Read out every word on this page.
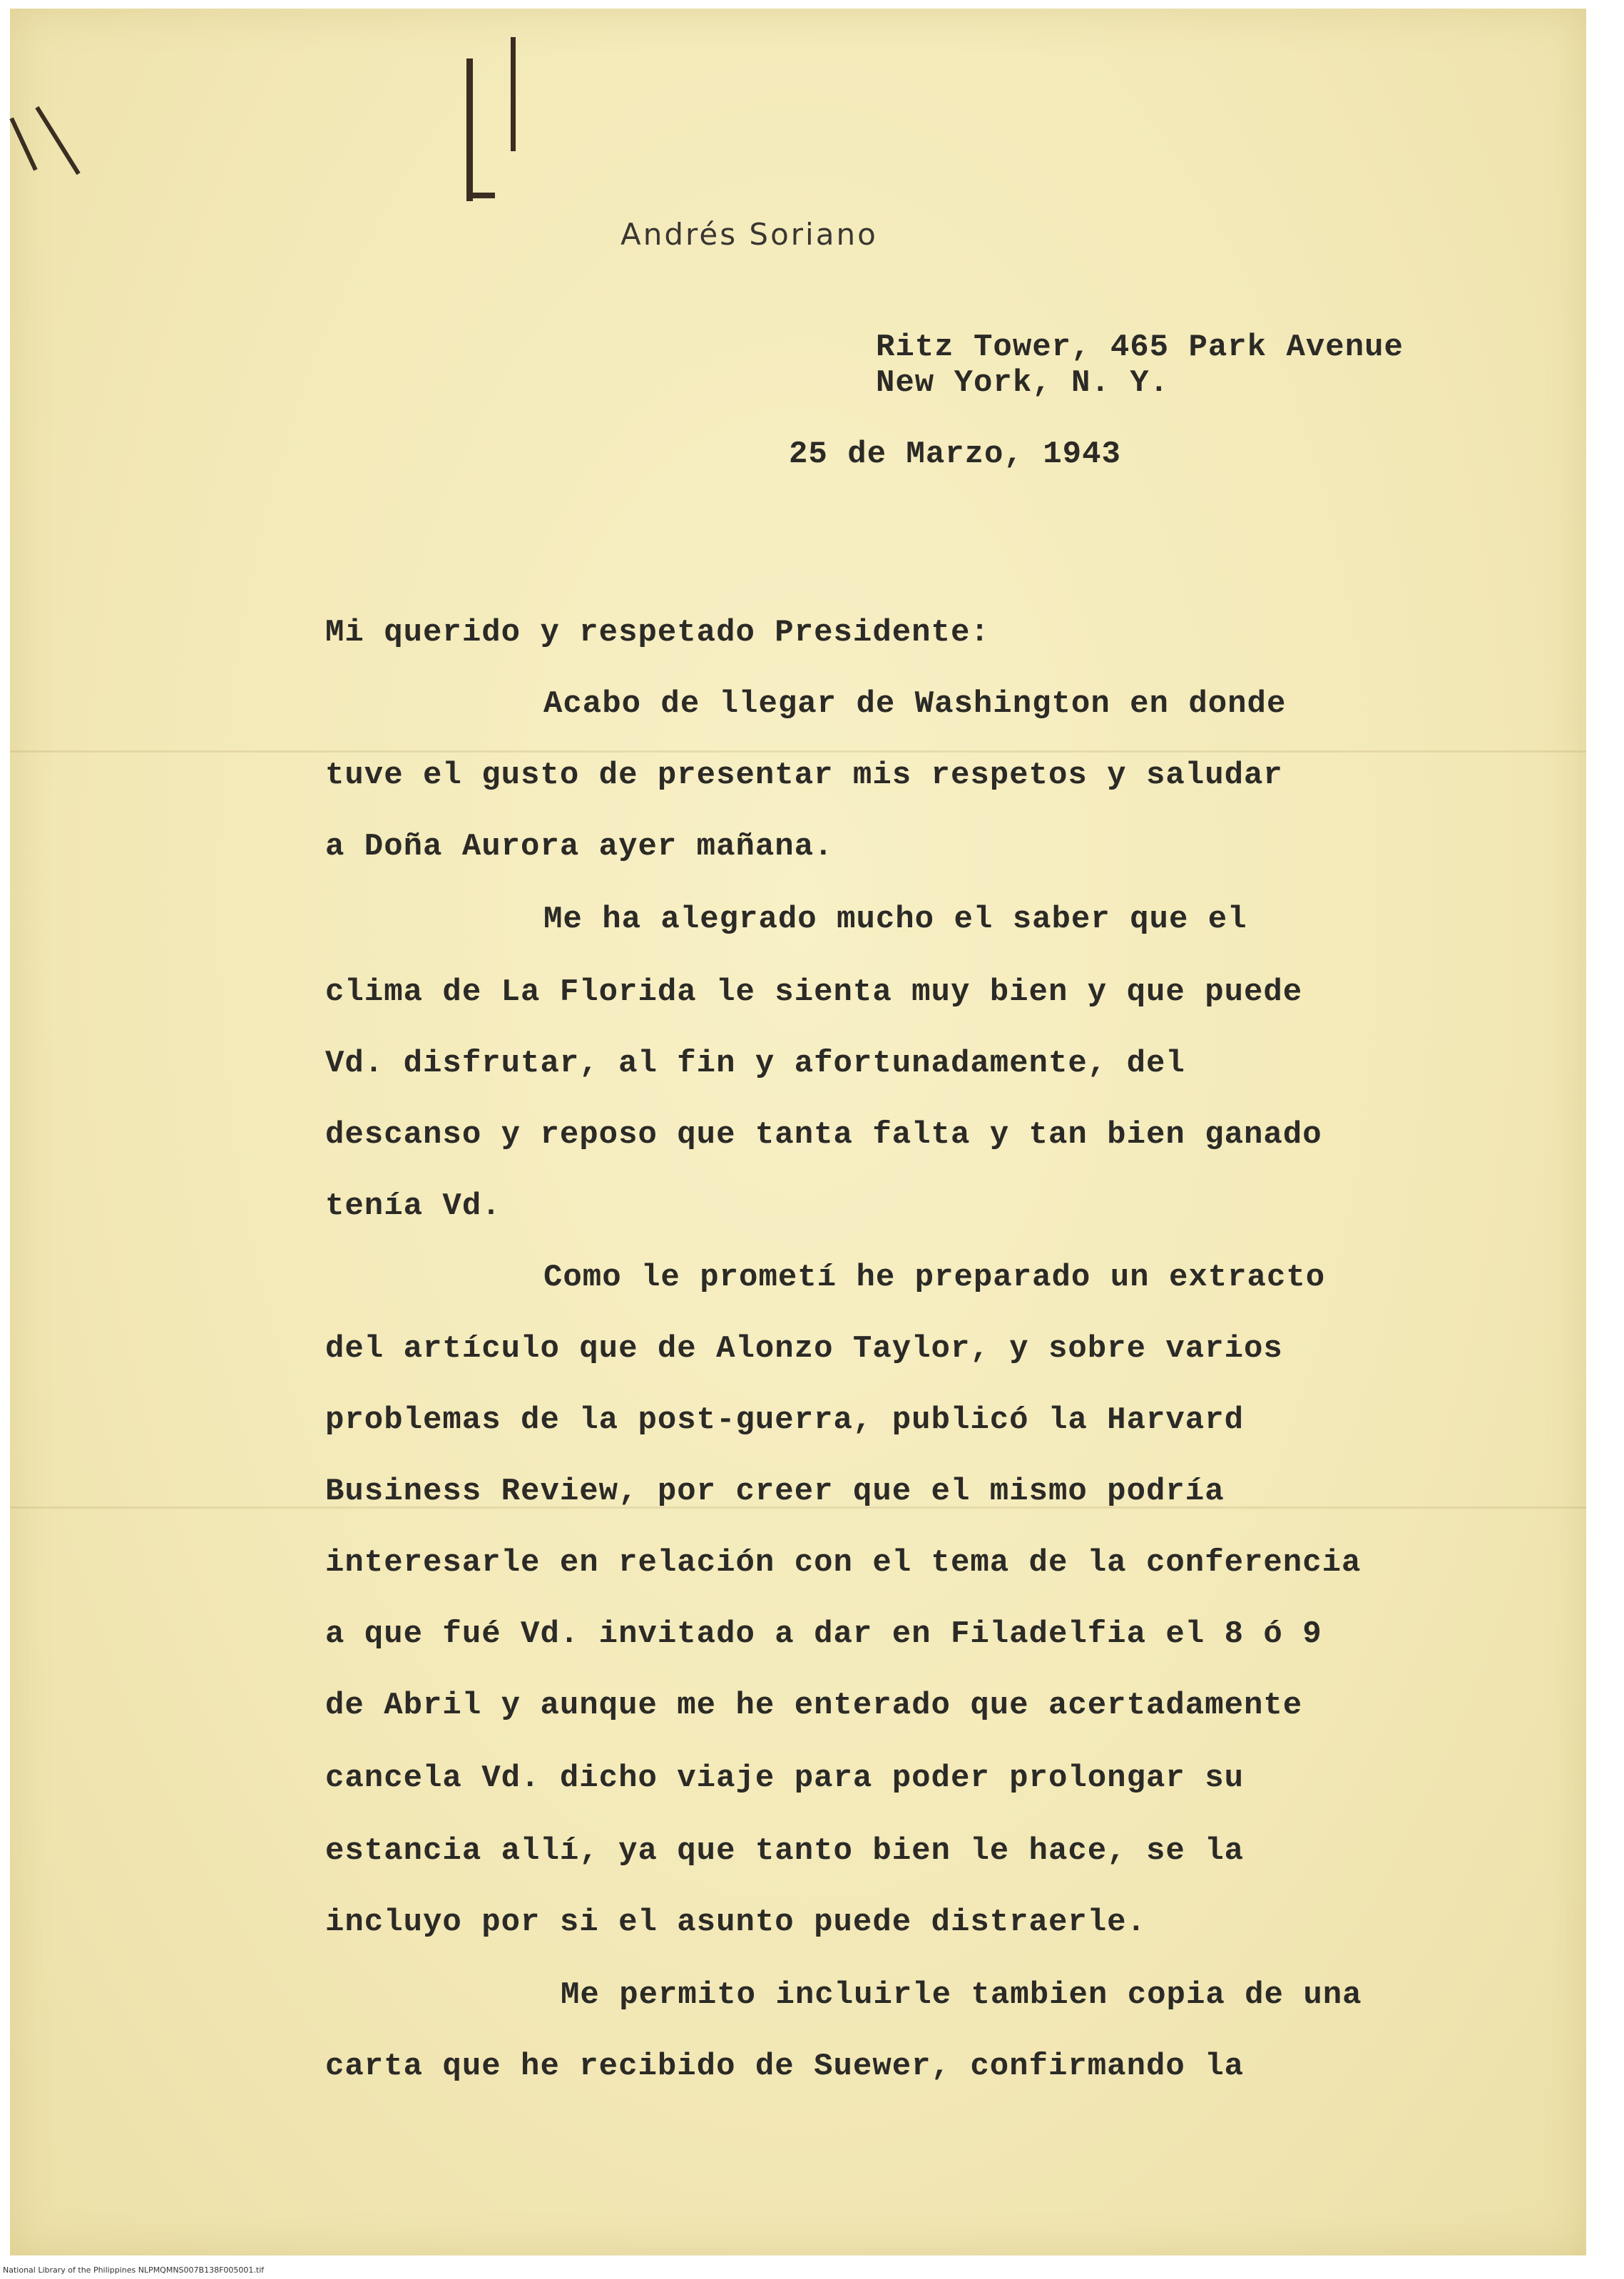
Andrés Soriano

Ritz Tower, 465 Park Avenue

New York, N. Y.

25 de Marzo, 1943

Mi querido y respetado Presidente:

Acabo de llegar de Washington en donde

tuve el gusto de presentar mis respetos y saludar

a Doña Aurora ayer mañana.

Me ha alegrado mucho el saber que el

clima de La Florida le sienta muy bien y que puede

Vd. disfrutar, al fin y afortunadamente, del

descanso y reposo que tanta falta y tan bien ganado

tenía Vd.

Como le prometí he preparado un extracto

del artículo que de Alonzo Taylor, y sobre varios

problemas de la post-guerra, publicó la Harvard

Business Review, por creer que el mismo podría

interesarle en relación con el tema de la conferencia

a que fué Vd. invitado a dar en Filadelfia el 8 ó 9

de Abril y aunque me he enterado que acertadamente

cancela Vd. dicho viaje para poder prolongar su

estancia allí, ya que tanto bien le hace, se la

incluyo por si el asunto puede distraerle.

Me permito incluirle tambien copia de una

carta que he recibido de Suewer, confirmando la

National Library of the Philippines NLPMQMNS007B138F005001.tif
